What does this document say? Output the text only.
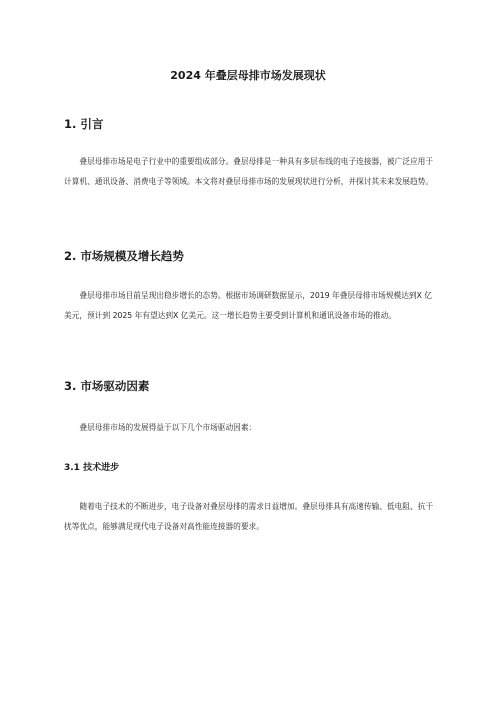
2024 年叠层母排市场发展现状
1. 引言

叠层母排市场是电子行业中的重要组成部分。叠层母排是一种具有多层布线的电子连接器，被广泛应用于计算机、通讯设备、消费电子等领域。本文将对叠层母排市场的发展现状进行分析，并探讨其未来发展趋势。

2. 市场规模及增长趋势

叠层母排市场目前呈现出稳步增长的态势。根据市场调研数据显示，2019 年叠层母排市场规模达到X 亿美元，预计到 2025 年有望达到X 亿美元。这一增长趋势主要受到计算机和通讯设备市场的推动。

3. 市场驱动因素

叠层母排市场的发展得益于以下几个市场驱动因素：

3.1 技术进步

随着电子技术的不断进步，电子设备对叠层母排的需求日益增加。叠层母排具有高速传输、低电阻、抗干扰等优点，能够满足现代电子设备对高性能连接器的要求。
